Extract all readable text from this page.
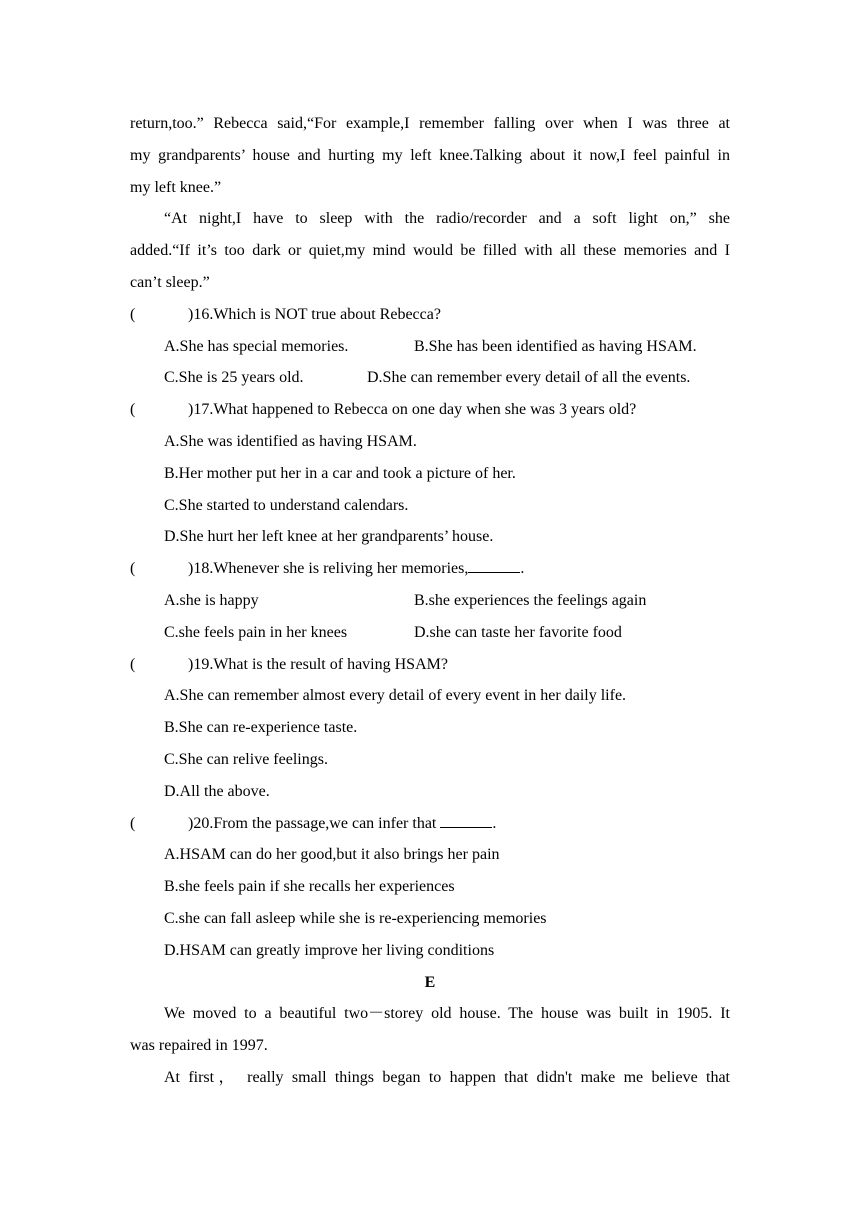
return,too.” Rebecca said,“For example,I remember falling over when I was three at
my grandparents’ house and hurting my left knee.Talking about it now,I feel painful in
my left knee.”
“At night,I have to sleep with the radio/recorder and a soft light on,” she
added.“If it’s too dark or quiet,my mind would be filled with all these memories and I
can’t sleep.”
(	)16.Which is NOT true about Rebecca?
A.She has special memories.	B.She has been identified as having HSAM.
C.She is 25 years old.	D.She can remember every detail of all the events.
(	)17.What happened to Rebecca on one day when she was 3 years old?
A.She was identified as having HSAM.
B.Her mother put her in a car and took a picture of her.
C.She started to understand calendars.
D.She hurt her left knee at her grandparents’ house.
(	)18.Whenever she is reliving her memories,	.
A.she is happy	B.she experiences the feelings again
C.she feels pain in her knees	D.she can taste her favorite food
(	)19.What is the result of having HSAM?
A.She can remember almost every detail of every event in her daily life.
B.She can re-experience taste.
C.She can relive feelings.
D.All the above.
(	)20.From the passage,we can infer that	.
A.HSAM can do her good,but it also brings her pain
B.she feels pain if she recalls her experiences
C.she can fall asleep while she is re-experiencing memories
D.HSAM can greatly improve her living conditions
E
We moved to a beautiful two－storey old house. The house was built in 1905. It
was repaired in 1997.
At first， really small things began to happen that didn't make me believe that
